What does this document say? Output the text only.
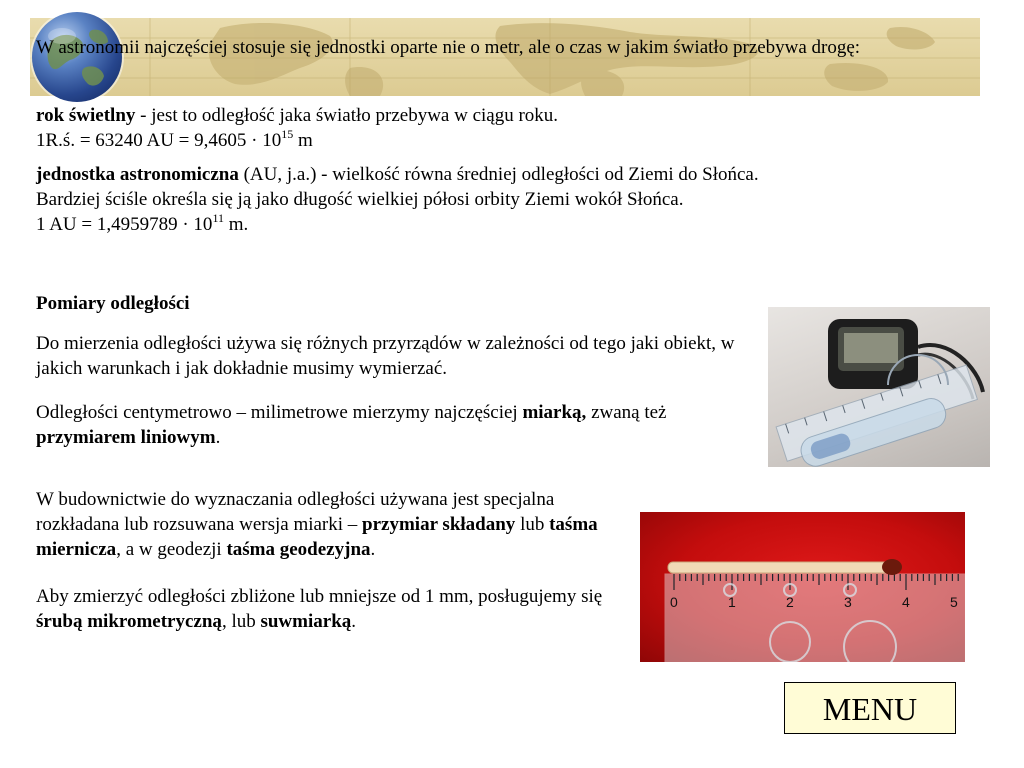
W astronomii najczęściej stosuje się jednostki oparte nie o metr, ale o czas w jakim światło przebywa drogę:

rok świetlny - jest to odległość jaka światło przebywa w ciągu roku.
1R.ś. = 63240 AU = $9,4605 \cdot 10^{15}$ m

jednostka astronomiczna (AU, j.a.) - wielkość równa średniej odległości od Ziemi do Słońca. Bardziej ściśle określa się ją jako długość wielkiej półosi orbity Ziemi wokół Słońca.
1 AU = $1,4959789 \cdot 10^{11}$ m.

Pomiary odległości

Do mierzenia odległości używa się różnych przyrządów w zależności od tego jaki obiekt, w jakich warunkach i jak dokładnie musimy wymierzać.

Odległości centymetrowo – milimetrowe mierzymy najczęściej miarką, zwaną też przymiarem liniowym.

W budownictwie do wyznaczania odległości używana jest specjalna rozkładana lub rozsuwana wersja miarki – przymiar składany lub taśma miernicza, a w geodezji taśma geodezyjna.

Aby zmierzyć odległości zbliżone lub mniejsze od 1 mm, posługujemy się śrubą mikrometryczną, lub suwmiarką.

0	1	2	3	4	5
MENU
